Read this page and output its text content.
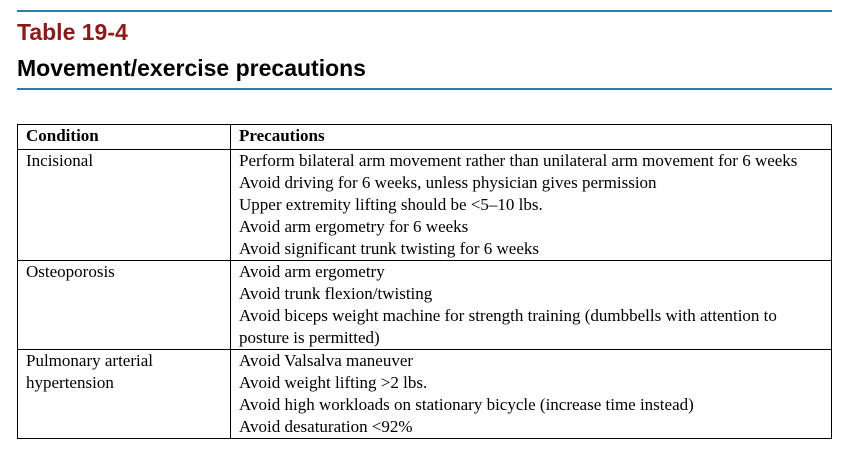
Table 19-4
Movement/exercise precautions
Condition	Precautions
Incisional	Perform bilateral arm movement rather than unilateral arm movement for 6 weeks
Avoid driving for 6 weeks, unless physician gives permission
Upper extremity lifting should be <5–10 lbs.
Avoid arm ergometry for 6 weeks
Avoid significant trunk twisting for 6 weeks

Osteoporosis	Avoid arm ergometry
Avoid trunk flexion/twisting
Avoid biceps weight machine for strength training (dumbbells with attention to posture is permitted)

Pulmonary arterial hypertension	Avoid Valsalva maneuver
Avoid weight lifting >2 lbs.
Avoid high workloads on stationary bicycle (increase time instead)
Avoid desaturation <92%
